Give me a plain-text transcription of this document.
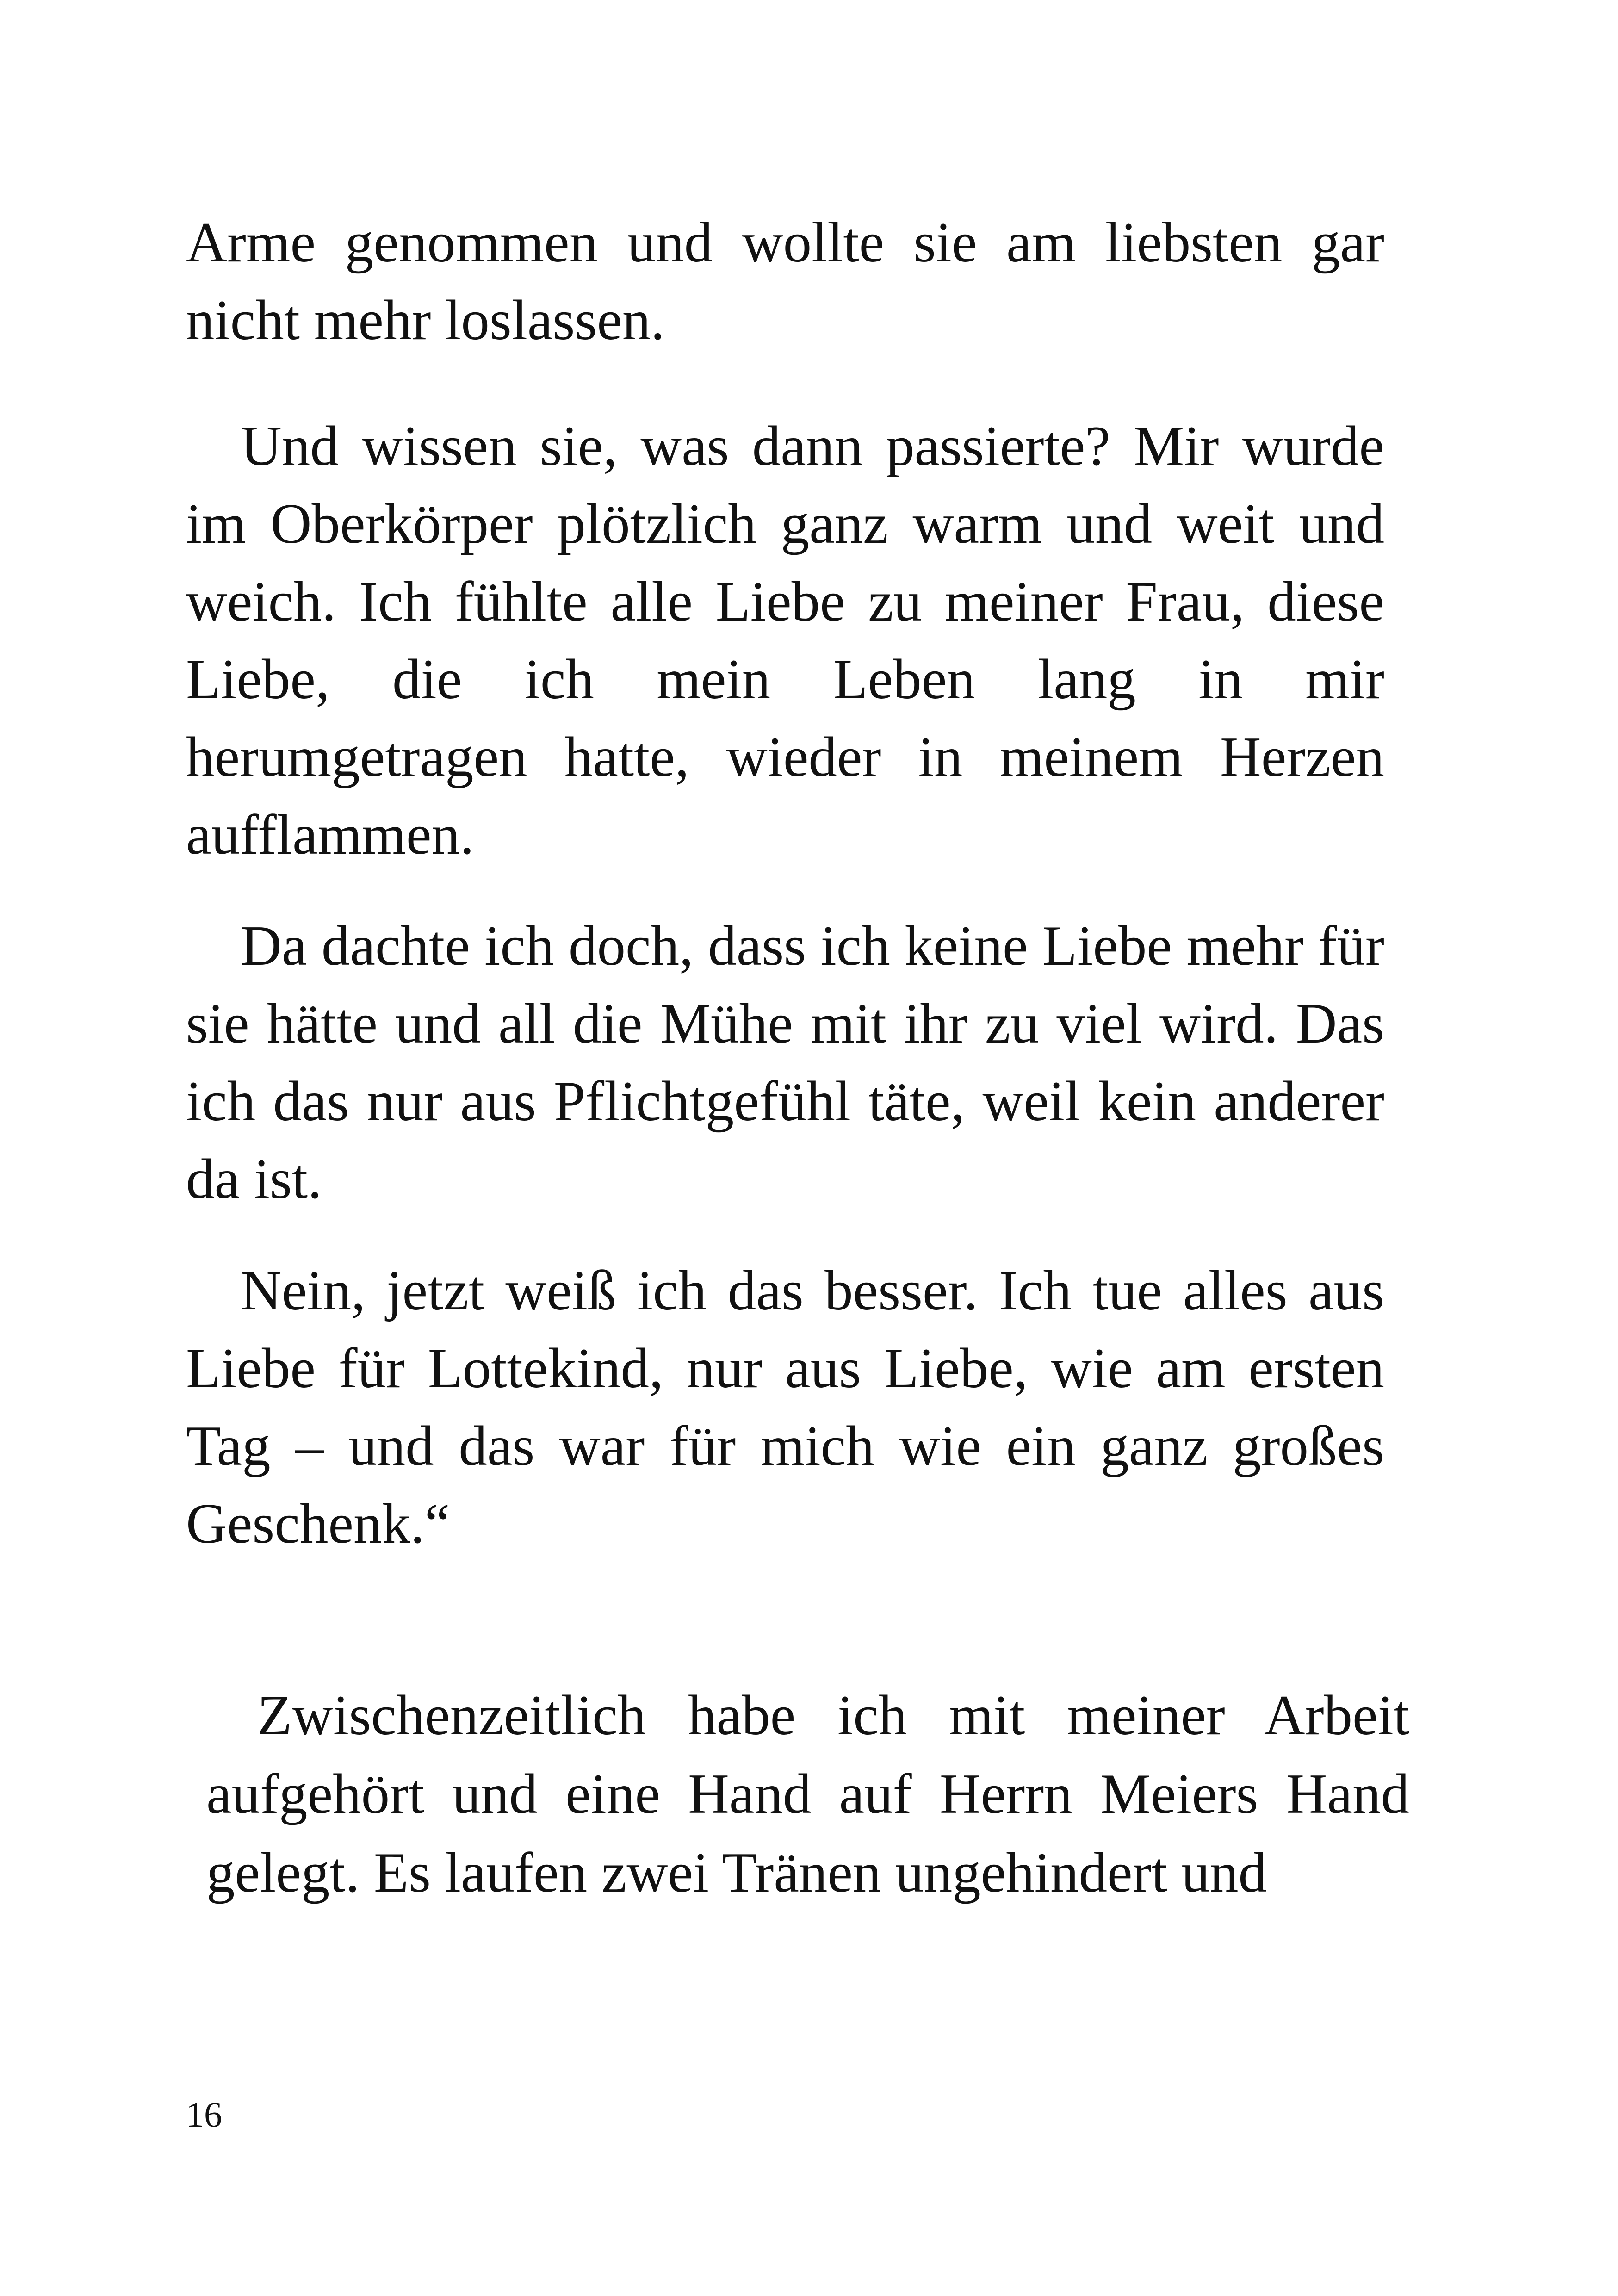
Arme genommen und wollte sie am liebsten gar nicht mehr loslassen.

Und wissen sie, was dann passierte? Mir wurde im Oberkörper plötzlich ganz warm und weit und weich. Ich fühlte alle Liebe zu meiner Frau, diese Liebe, die ich mein Leben lang in mir herumgetragen hatte, wieder in meinem Herzen aufflammen.

Da dachte ich doch, dass ich keine Liebe mehr für sie hätte und all die Mühe mit ihr zu viel wird. Das ich das nur aus Pflichtgefühl täte, weil kein anderer da ist.

Nein, jetzt weiß ich das besser. Ich tue alles aus Liebe für Lottekind, nur aus Liebe, wie am ersten Tag – und das war für mich wie ein ganz großes Geschenk.“

Zwischenzeitlich habe ich mit meiner Arbeit aufgehört und eine Hand auf Herrn Meiers Hand gelegt. Es laufen zwei Tränen ungehindert und

16
